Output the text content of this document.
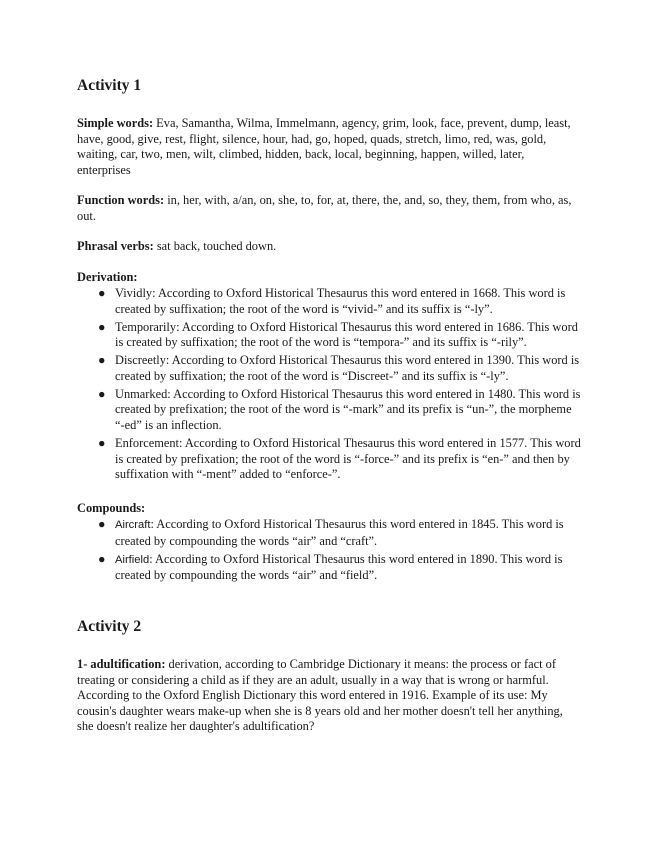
Activity 1

Simple words: Eva, Samantha, Wilma, Immelmann, agency, grim, look, face, prevent, dump, least, have, good, give, rest, flight, silence, hour, had, go, hoped, quads, stretch, limo, red, was, gold, waiting, car, two, men, wilt, climbed, hidden, back, local, beginning, happen, willed, later, enterprises

Function words: in, her, with, a/an, on, she, to, for, at, there, the, and, so, they, them, from who, as, out.

Phrasal verbs: sat back, touched down.

Derivation:

● Vividly: According to Oxford Historical Thesaurus this word entered in 1668. This word is created by suffixation; the root of the word is “vivid-” and its suffix is “-ly”.
● Temporarily: According to Oxford Historical Thesaurus this word entered in 1686. This word is created by suffixation; the root of the word is “tempora-” and its suffix is “-rily”.
● Discreetly: According to Oxford Historical Thesaurus this word entered in 1390. This word is created by suffixation; the root of the word is “Discreet-” and its suffix is “-ly”.
● Unmarked: According to Oxford Historical Thesaurus this word entered in 1480. This word is created by prefixation; the root of the word is “-mark” and its prefix is “un-”, the morpheme “-ed” is an inflection.
● Enforcement: According to Oxford Historical Thesaurus this word entered in 1577. This word is created by prefixation; the root of the word is “-force-” and its prefix is “en-” and then by suffixation with “-ment” added to “enforce-”.

Compounds:

● Aircraft: According to Oxford Historical Thesaurus this word entered in 1845. This word is created by compounding the words “air” and “craft”.
● Airfield: According to Oxford Historical Thesaurus this word entered in 1890. This word is created by compounding the words “air” and “field”.
Activity 2

1- adultification: derivation, according to Cambridge Dictionary it means: the process or fact of treating or considering a child as if they are an adult, usually in a way that is wrong or harmful. According to the Oxford English Dictionary this word entered in 1916. Example of its use: My cousin's daughter wears make-up when she is 8 years old and her mother doesn't tell her anything, she doesn't realize her daughter's adultification?
